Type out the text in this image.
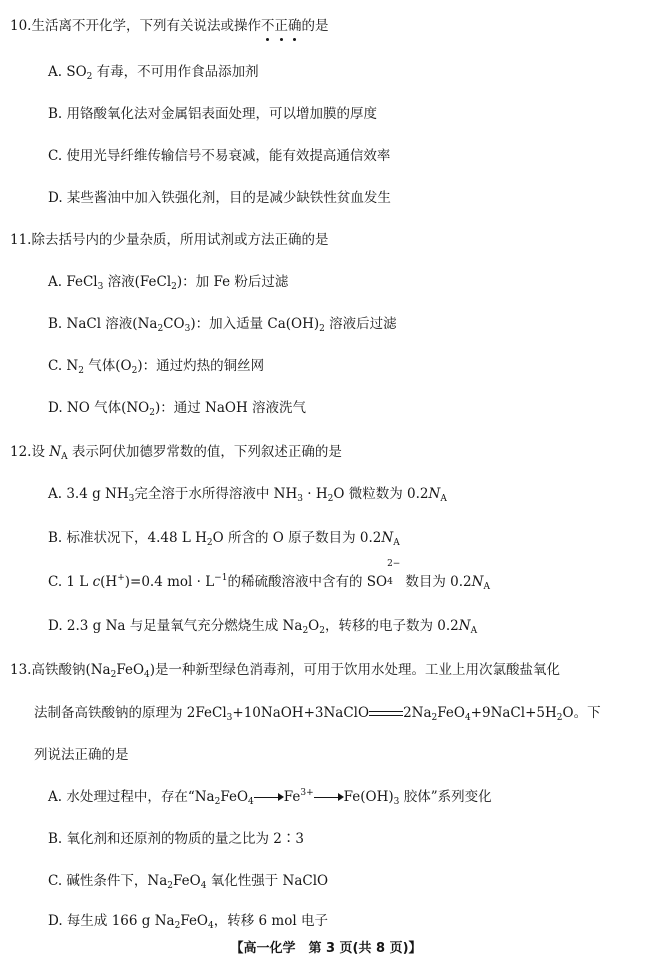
10.生活离不开化学，下列有关说法或操作不正确的是
A. $SO_2$ 有毒，不可用作食品添加剂
B. 用铬酸氧化法对金属铝表面处理，可以增加膜的厚度
C. 使用光导纤维传输信号不易衰减，能有效提高通信效率
D. 某些酱油中加入铁强化剂，目的是减少缺铁性贫血发生
11.除去括号内的少量杂质，所用试剂或方法正确的是
A. FeCl$_3$ 溶液(FeCl$_2$)：加 Fe 粉后过滤
B. NaCl 溶液$(Na_2CO_3)$：加入适量 $Ca(OH)_2$ 溶液后过滤
C. $N_2$ 气体$(O_2)$：通过灼热的铜丝网
D. NO 气体$(NO_2)$：通过 NaOH 溶液洗气
12.设 $N_A$ 表示阿伏加德罗常数的值，下列叙述正确的是
A. 3.4 g $NH_3$完全溶于水所得溶液中 $NH_3 \cdot H_2O$ 微粒数为 $0.2N_A$
B. 标准状况下，4.48 L $H_2O$ 所含的 O 原子数目为 $0.2N_A$
C. 1 L c(H+)=0.4 mol · $L^{-1}$的稀硫酸溶液中含有的 SO
2−
4 数目为 $0.2N_A$
D. 2.3 g Na 与足量氧气充分燃烧生成 $Na_2O_2$，转移的电子数为 $0.2N_A$
13.高铁酸钠$(Na_2FeO_4)$是一种新型绿色消毒剂，可用于饮用水处理。工业上用次氯酸盐氧化
法制备高铁酸钠的原理为 2FeCl$_3$+10NaOH+3NaClO	$2Na_2FeO_4+9NaCl+5H_2O$。下
列说法正确的是
A. 水处理过程中，存在“$Na_2FeO_4$ $Fe^{3+}$ $Fe(OH)_3$ 胶体”系列变化
B. 氧化剂和还原剂的物质的量之比为 2∶3
C. 碱性条件下，$Na_2FeO_4$ 氧化性强于 NaClO
D. 每生成 166 g $Na_2FeO_4$，转移 6 mol 电子
【高一化学　第 3 页(共 8 页)】
